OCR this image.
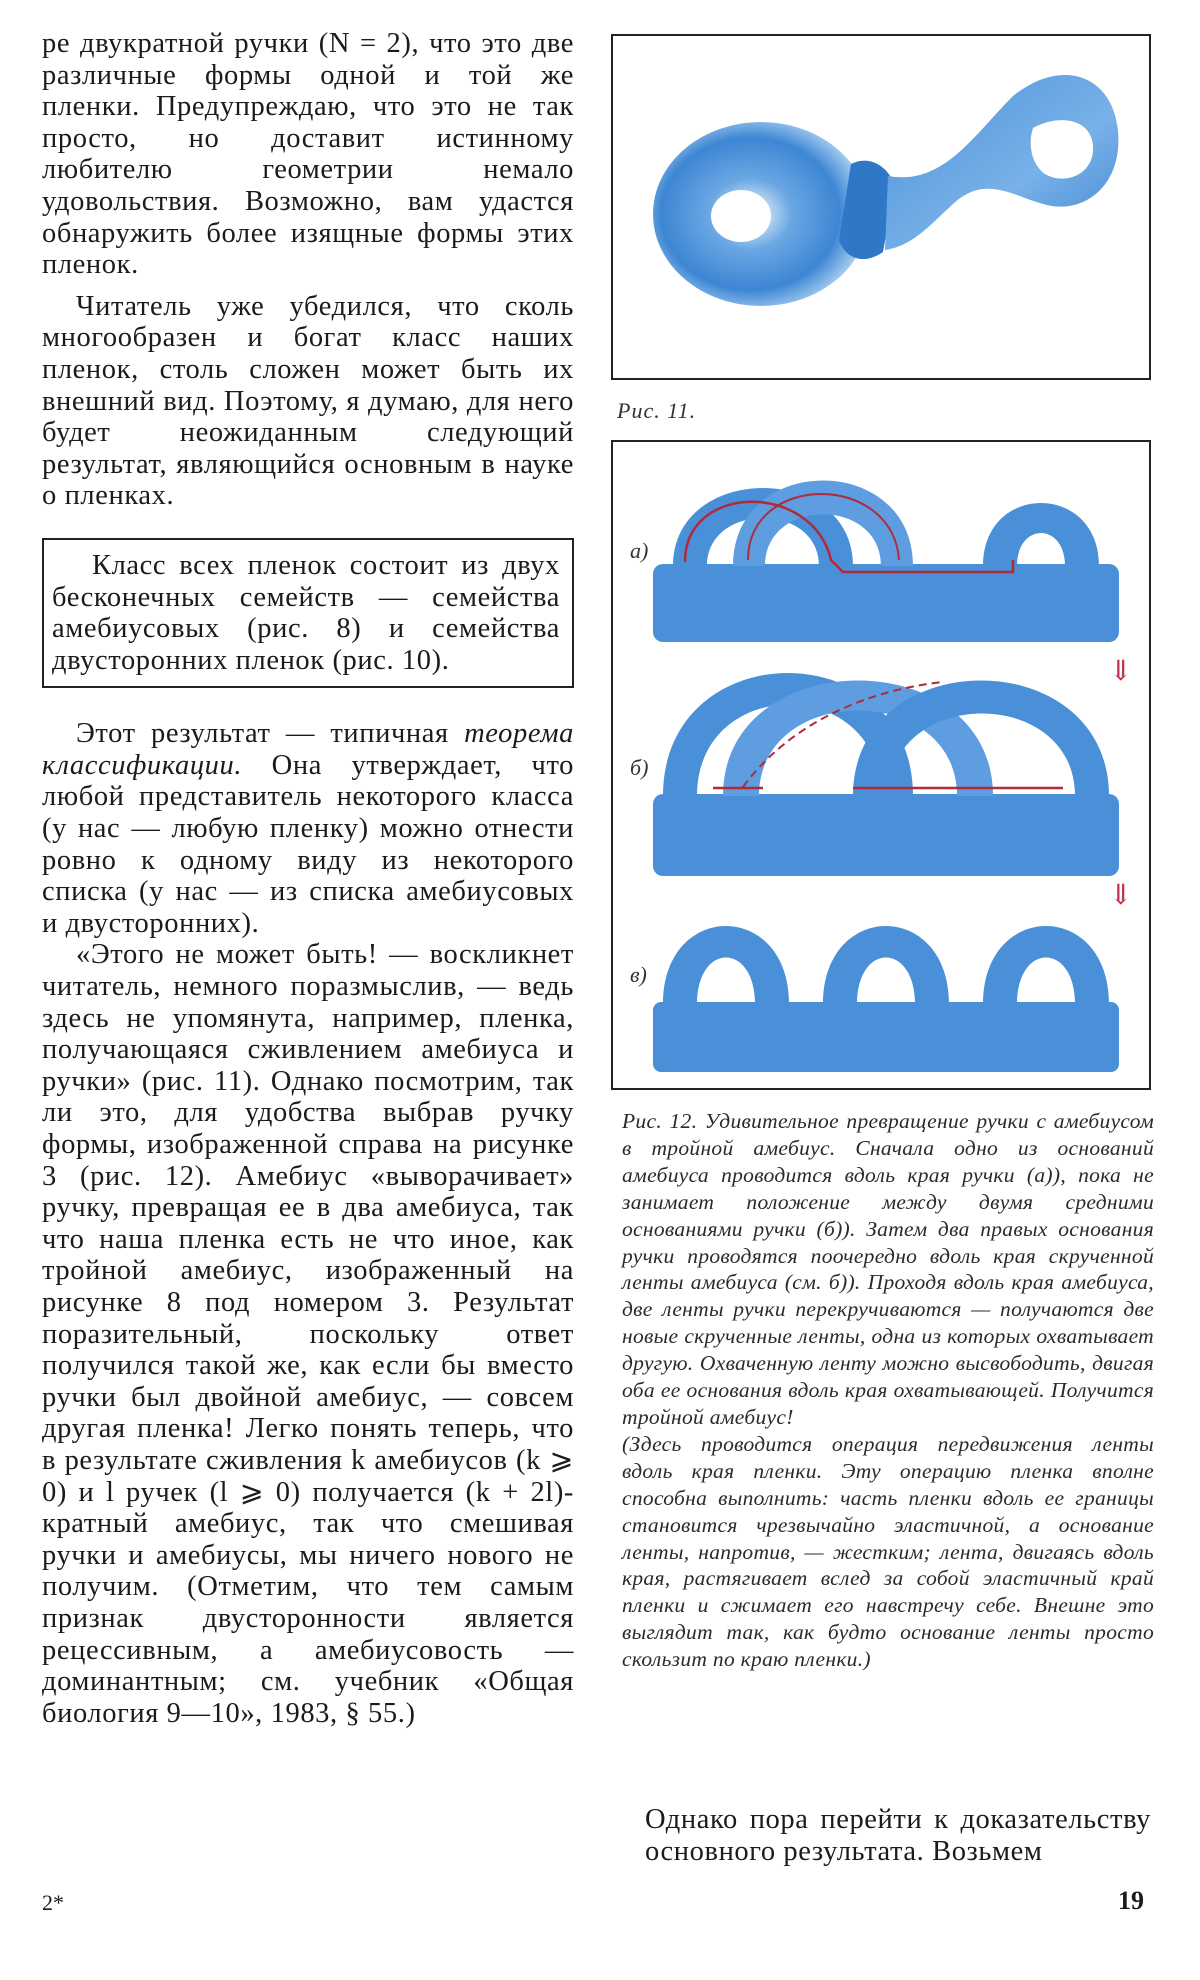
ре двукратной ручки (N = 2), что это две различные формы одной и той же пленки. Предупреждаю, что это не так просто, но доставит истинному любителю геометрии немало удовольствия. Возможно, вам удастся обнаружить более изящные формы этих пленок.

Читатель уже убедился, что сколь многообразен и богат класс наших пленок, столь сложен может быть их внешний вид. Поэтому, я думаю, для него будет неожиданным следующий результат, являющийся основным в науке о пленках.

Класс всех пленок состоит из двух бесконечных семейств — семейства амебиусовых (рис. 8) и семейства двусторонних пленок (рис. 10).

Этот результат — типичная теорема классификации. Она утверждает, что любой представитель некоторого класса (у нас — любую пленку) можно отнести ровно к одному виду из некоторого списка (у нас — из списка амебиусовых и двусторонних).

«Этого не может быть! — воскликнет читатель, немного поразмыслив, — ведь здесь не упомянута, например, пленка, получающаяся сживлением амебиуса и ручки» (рис. 11). Однако посмотрим, так ли это, для удобства выбрав ручку формы, изображенной справа на рисунке 3 (рис. 12). Амебиус «выворачивает» ручку, превращая ее в два амебиуса, так что наша пленка есть не что иное, как тройной амебиус, изображенный на рисунке 8 под номером 3. Результат поразительный, поскольку ответ получился такой же, как если бы вместо ручки был двойной амебиус, — совсем другая пленка! Легко понять теперь, что в результате сживления k амебиусов (k ⩾ 0) и l ручек (l ⩾ 0) получается (k + 2l)-кратный амебиус, так что смешивая ручки и амебиусы, мы ничего нового не получим. (Отметим, что тем самым признак двусторонности является рецессивным, а амебиусовость — доминантным; см. учебник «Общая биология 9—10», 1983, § 55.)

Рис. 11.
⇓
⇓
а)
б)
в)

Рис. 12. Удивительное превращение ручки с амебиусом в тройной амебиус. Сначала одно из оснований амебиуса проводится вдоль края ручки (а)), пока не занимает положение между двумя средними основаниями ручки (б)). Затем два правых основания ручки проводятся поочередно вдоль края скрученной ленты амебиуса (см. б)). Проходя вдоль края амебиуса, две ленты ручки перекручиваются — получаются две новые скрученные ленты, одна из которых охватывает другую. Охваченную ленту можно высвободить, двигая оба ее основания вдоль края охватывающей. Получится тройной амебиус!

(Здесь проводится операция передвижения ленты вдоль края пленки. Эту операцию пленка вполне способна выполнить: часть пленки вдоль ее границы становится чрезвычайно эластичной, а основание ленты, напротив, — жестким; лента, двигаясь вдоль края, растягивает вслед за собой эластичный край пленки и сжимает его навстречу себе. Внешне это выглядит так, как будто основание ленты просто скользит по краю пленки.)

Однако пора перейти к доказательству основного результата. Возьмем
2*	19
